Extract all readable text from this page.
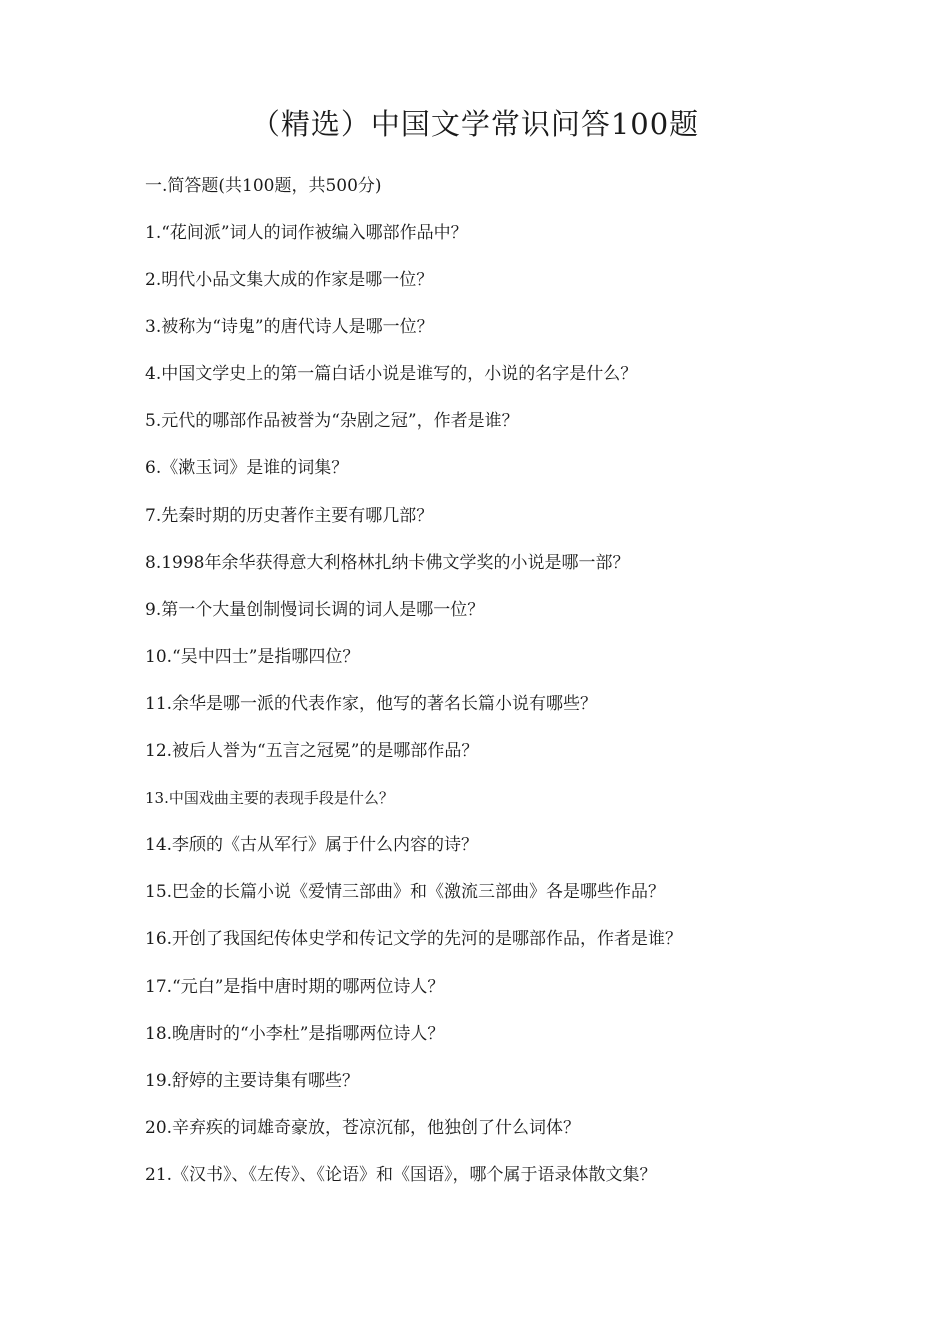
（精选）中国文学常识问答100题
一.简答题(共100题，共500分)
1.“花间派”词人的词作被编入哪部作品中？
2.明代小品文集大成的作家是哪一位？
3.被称为“诗鬼”的唐代诗人是哪一位？
4.中国文学史上的第一篇白话小说是谁写的，小说的名字是什么？
5.元代的哪部作品被誉为“杂剧之冠”，作者是谁？
6.《漱玉词》是谁的词集？
7.先秦时期的历史著作主要有哪几部？
8.1998年余华获得意大利格林扎纳卡佛文学奖的小说是哪一部？
9.第一个大量创制慢词长调的词人是哪一位？
10.“吴中四士”是指哪四位？
11.余华是哪一派的代表作家，他写的著名长篇小说有哪些？
12.被后人誉为“五言之冠冕”的是哪部作品？
13.中国戏曲主要的表现手段是什么？
14.李颀的《古从军行》属于什么内容的诗？
15.巴金的长篇小说《爱情三部曲》和《激流三部曲》各是哪些作品？
16.开创了我国纪传体史学和传记文学的先河的是哪部作品，作者是谁？
17.“元白”是指中唐时期的哪两位诗人？
18.晚唐时的“小李杜”是指哪两位诗人？
19.舒婷的主要诗集有哪些？
20.辛弃疾的词雄奇豪放，苍凉沉郁，他独创了什么词体？
21.《汉书》、《左传》、《论语》和《国语》，哪个属于语录体散文集？
